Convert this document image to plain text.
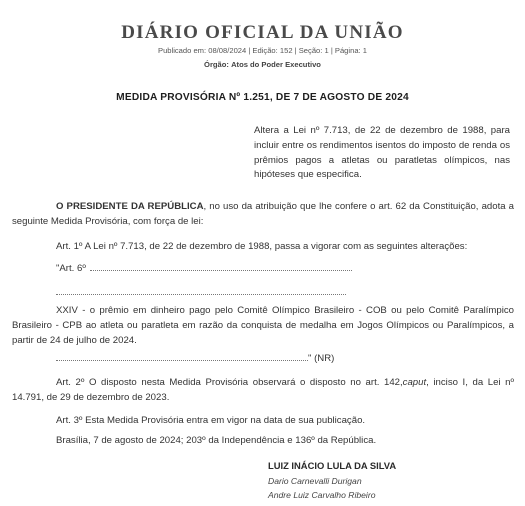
DIÁRIO OFICIAL DA UNIÃO
Publicado em: 08/08/2024 | Edição: 152 | Seção: 1 | Página: 1
Órgão: Atos do Poder Executivo
MEDIDA PROVISÓRIA Nº 1.251, DE 7 DE AGOSTO DE 2024
Altera a Lei nº 7.713, de 22 de dezembro de 1988, para incluir entre os rendimentos isentos do imposto de renda os prêmios pagos a atletas ou paratletas olímpicos, nas hipóteses que especifica.
O PRESIDENTE DA REPÚBLICA, no uso da atribuição que lhe confere o art. 62 da Constituição, adota a seguinte Medida Provisória, com força de lei:
Art. 1º A Lei nº 7.713, de 22 de dezembro de 1988, passa a vigorar com as seguintes alterações:
"Art. 6º
XXIV - o prêmio em dinheiro pago pelo Comitê Olímpico Brasileiro - COB ou pelo Comitê Paralímpico Brasileiro - CPB ao atleta ou paratleta em razão da conquista de medalha em Jogos Olímpicos ou Paralímpicos, a partir de 24 de julho de 2024.
" (NR)
Art. 2º O disposto nesta Medida Provisória observará o disposto no art. 142,caput, inciso I, da Lei nº 14.791, de 29 de dezembro de 2023.
Art. 3º Esta Medida Provisória entra em vigor na data de sua publicação.
Brasília, 7 de agosto de 2024; 203º da Independência e 136º da República.
LUIZ INÁCIO LULA DA SILVA
Dario Carnevalli Durigan
Andre Luiz Carvalho Ribeiro
